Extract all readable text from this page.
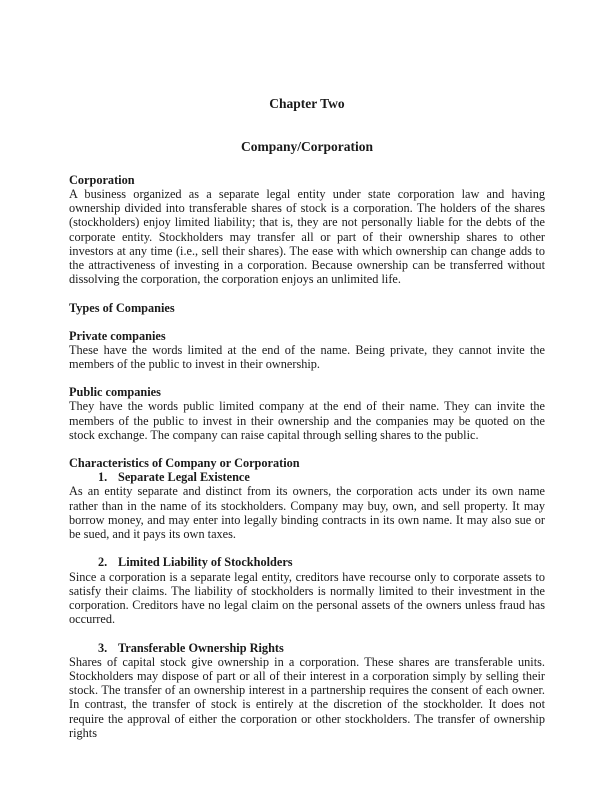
Chapter Two
Company/Corporation
Corporation

A business organized as a separate legal entity under state corporation law and having ownership divided into transferable shares of stock is a corporation. The holders of the shares (stockholders) enjoy limited liability; that is, they are not personally liable for the debts of the corporate entity. Stockholders may transfer all or part of their ownership shares to other investors at any time (i.e., sell their shares). The ease with which ownership can change adds to the attractiveness of investing in a corporation. Because ownership can be transferred without dissolving the corporation, the corporation enjoys an unlimited life.

Types of Companies
Private companies

These have the words limited at the end of the name. Being private, they cannot invite the members of the public to invest in their ownership.

Public companies

They have the words public limited company at the end of their name. They can invite the members of the public to invest in their ownership and the companies may be quoted on the stock exchange. The company can raise capital through selling shares to the public.

Characteristics of Company or Corporation
1. Separate Legal Existence

As an entity separate and distinct from its owners, the corporation acts under its own name rather than in the name of its stockholders. Company may buy, own, and sell property. It may borrow money, and may enter into legally binding contracts in its own name. It may also sue or be sued, and it pays its own taxes.

2. Limited Liability of Stockholders

Since a corporation is a separate legal entity, creditors have recourse only to corporate assets to satisfy their claims. The liability of stockholders is normally limited to their investment in the corporation. Creditors have no legal claim on the personal assets of the owners unless fraud has occurred.

3. Transferable Ownership Rights

Shares of capital stock give ownership in a corporation. These shares are transferable units. Stockholders may dispose of part or all of their interest in a corporation simply by selling their stock. The transfer of an ownership interest in a partnership requires the consent of each owner. In contrast, the transfer of stock is entirely at the discretion of the stockholder. It does not require the approval of either the corporation or other stockholders. The transfer of ownership rights
